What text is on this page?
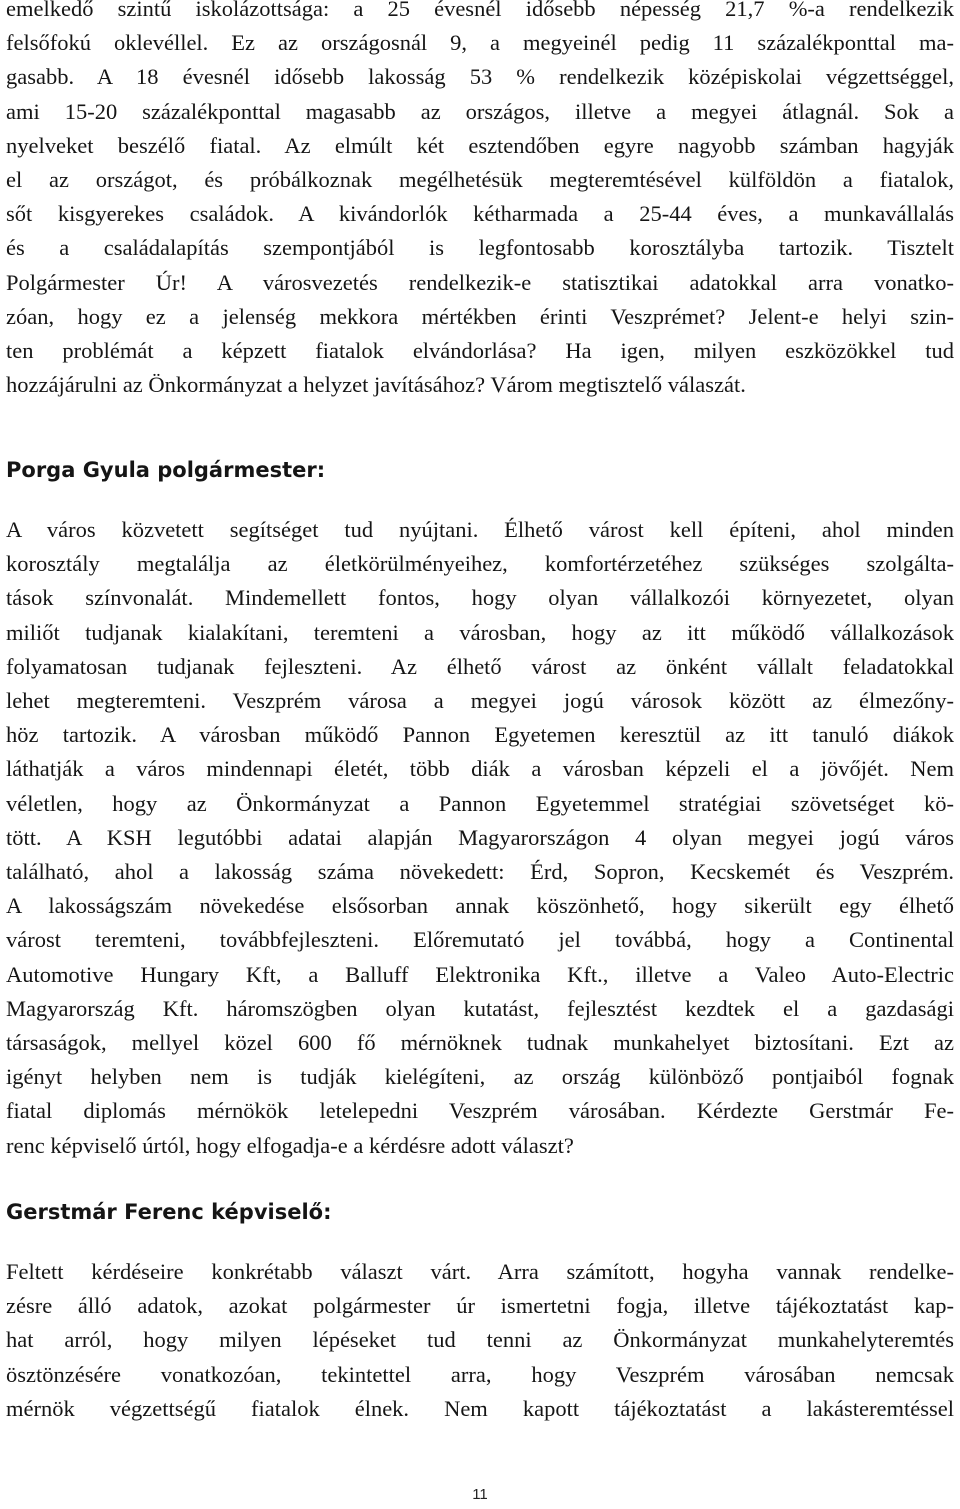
emelkedő szintű iskolázottsága: a 25 évesnél idősebb népesség 21,7 %-a rendelkezik

felsőfokú oklevéllel. Ez az országosnál 9, a megyeinél pedig 11 százalékponttal ma-

gasabb. A 18 évesnél idősebb lakosság 53 % rendelkezik középiskolai végzettséggel,

ami 15-20 százalékponttal magasabb az országos, illetve a megyei átlagnál. Sok a

nyelveket beszélő fiatal. Az elmúlt két esztendőben egyre nagyobb számban hagyják

el az országot, és próbálkoznak megélhetésük megteremtésével külföldön a fiatalok,

sőt kisgyerekes családok. A kivándorlók kétharmada a 25-44 éves, a munkavállalás

és a családalapítás szempontjából is legfontosabb korosztályba tartozik. Tisztelt

Polgármester Úr! A városvezetés rendelkezik-e statisztikai adatokkal arra vonatko-

zóan, hogy ez a jelenség mekkora mértékben érinti Veszprémet? Jelent-e helyi szin-

ten problémát a képzett fiatalok elvándorlása? Ha igen, milyen eszközökkel tud

hozzájárulni az Önkormányzat a helyzet javításához? Várom megtisztelő válaszát.

Porga Gyula polgármester:

A város közvetett segítséget tud nyújtani. Élhető várost kell építeni, ahol minden

korosztály megtalálja az életkörülményeihez, komfortérzetéhez szükséges szolgálta-

tások színvonalát. Mindemellett fontos, hogy olyan vállalkozói környezetet, olyan

miliőt tudjanak kialakítani, teremteni a városban, hogy az itt működő vállalkozások

folyamatosan tudjanak fejleszteni. Az élhető várost az önként vállalt feladatokkal

lehet megteremteni. Veszprém városa a megyei jogú városok között az élmezőny-

höz tartozik. A városban működő Pannon Egyetemen keresztül az itt tanuló diákok

láthatják a város mindennapi életét, több diák a városban képzeli el a jövőjét. Nem

véletlen, hogy az Önkormányzat a Pannon Egyetemmel stratégiai szövetséget kö-

tött. A KSH legutóbbi adatai alapján Magyarországon 4 olyan megyei jogú város

található, ahol a lakosság száma növekedett: Érd, Sopron, Kecskemét és Veszprém.

A lakosságszám növekedése elsősorban annak köszönhető, hogy sikerült egy élhető

várost teremteni, továbbfejleszteni. Előremutató jel továbbá, hogy a Continental

Automotive Hungary Kft, a Balluff Elektronika Kft., illetve a Valeo Auto-Electric

Magyarország Kft. háromszögben olyan kutatást, fejlesztést kezdtek el a gazdasági

társaságok, mellyel közel 600 fő mérnöknek tudnak munkahelyet biztosítani. Ezt az

igényt helyben nem is tudják kielégíteni, az ország különböző pontjaiból fognak

fiatal diplomás mérnökök letelepedni Veszprém városában. Kérdezte Gerstmár Fe-

renc képviselő úrtól, hogy elfogadja-e a kérdésre adott választ?

Gerstmár Ferenc képviselő:

Feltett kérdéseire konkrétabb választ várt. Arra számított, hogyha vannak rendelke-

zésre álló adatok, azokat polgármester úr ismertetni fogja, illetve tájékoztatást kap-

hat arról, hogy milyen lépéseket tud tenni az Önkormányzat munkahelyteremtés

ösztönzésére vonatkozóan, tekintettel arra, hogy Veszprém városában nemcsak

mérnök végzettségű fiatalok élnek. Nem kapott tájékoztatást a lakásteremtéssel

11
